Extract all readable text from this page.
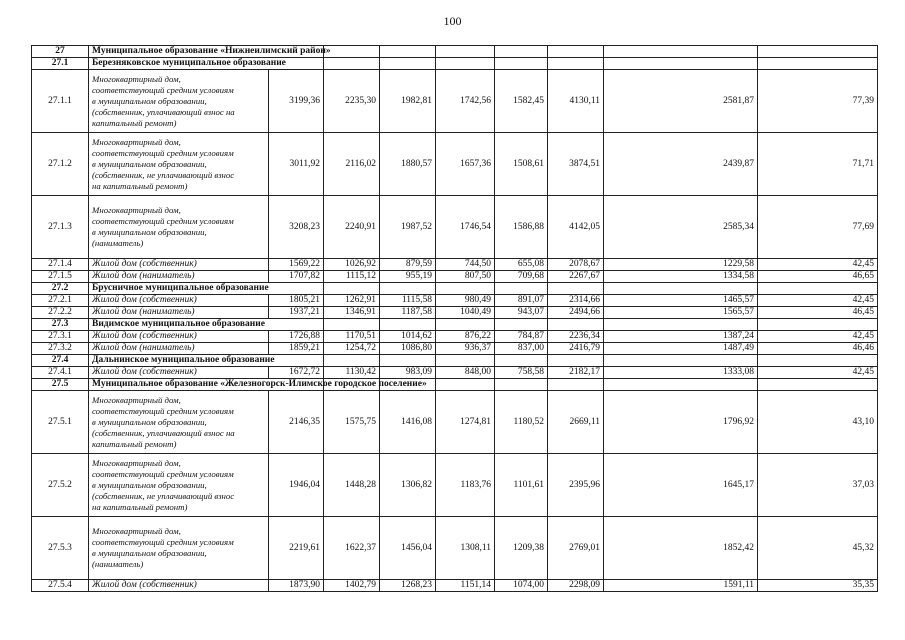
100
27	Муниципальное образование «Нижнеилимский район»								
27.1	Березняковское муниципальное образование								
27.1.1	Многоквартирный дом,
соответствующий средним условиям
в муниципальном образовании,
(собственник, уплачивающий взнос на
капитальный ремонт)	3199,36	2235,30	1982,81	1742,56	1582,45	4130,11	2581,87	77,39
27.1.2	Многоквартирный дом,
соответствующий средним условиям
в муниципальном образовании,
(собственник, не уплачивающий взнос
на капитальный ремонт)	3011,92	2116,02	1880,57	1657,36	1508,61	3874,51	2439,87	71,71
27.1.3	Многоквартирный дом,
соответствующий средним условиям
в муниципальном образовании,
(наниматель)	3208,23	2240,91	1987,52	1746,54	1586,88	4142,05	2585,34	77,69
27.1.4	Жилой дом (собственник)	1569,22	1026,92	879,59	744,50	655,08	2078,67	1229,58	42,45
27.1.5	Жилой дом (наниматель)	1707,82	1115,12	955,19	807,50	709,68	2267,67	1334,58	46,65
27.2	Брусничное муниципальное образование								
27.2.1	Жилой дом (собственник)	1805,21	1262,91	1115,58	980,49	891,07	2314,66	1465,57	42,45
27.2.2	Жилой дом (наниматель)	1937,21	1346,91	1187,58	1040,49	943,07	2494,66	1565,57	46,45
27.3	Видимское муниципальное образование								
27.3.1	Жилой дом (собственник)	1726,88	1170,51	1014,62	876,22	784,87	2236,34	1387,24	42,45
27.3.2	Жилой дом (наниматель)	1859,21	1254,72	1086,80	936,37	837,00	2416,79	1487,49	46,46
27.4	Дальнинское муниципальное образование								
27.4.1	Жилой дом (собственник)	1672,72	1130,42	983,09	848,00	758,58	2182,17	1333,08	42,45
27.5	Муниципальное образование «Железногорск-Илимское городское поселение»								
27.5.1	Многоквартирный дом,
соответствующий средним условиям
в муниципальном образовании,
(собственник, уплачивающий взнос на
капитальный ремонт)	2146,35	1575,75	1416,08	1274,81	1180,52	2669,11	1796,92	43,10
27.5.2	Многоквартирный дом,
соответствующий средним условиям
в муниципальном образовании,
(собственник, не уплачивающий взнос
на капитальный ремонт)	1946,04	1448,28	1306,82	1183,76	1101,61	2395,96	1645,17	37,03
27.5.3	Многоквартирный дом,
соответствующий средним условиям
в муниципальном образовании,
(наниматель)	2219,61	1622,37	1456,04	1308,11	1209,38	2769,01	1852,42	45,32
27.5.4	Жилой дом (собственник)	1873,90	1402,79	1268,23	1151,14	1074,00	2298,09	1591,11	35,35
